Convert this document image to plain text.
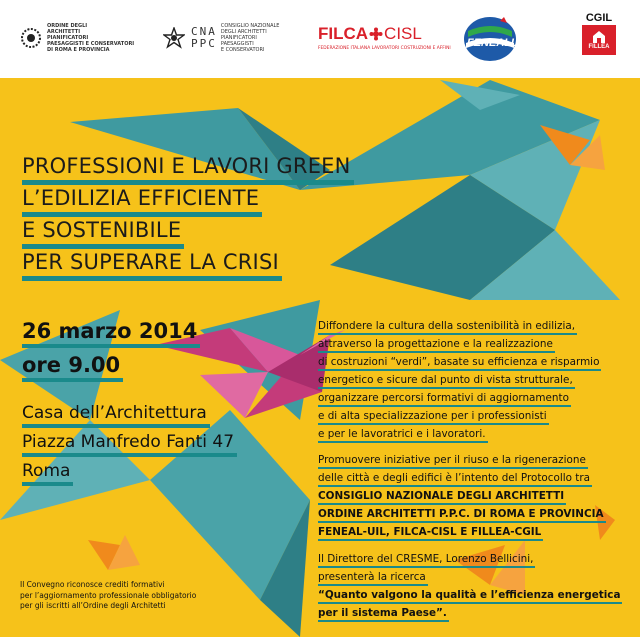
ORDINE DEGLI
ARCHITETTI
PIANIFICATORI
PAESAGGISTI E CONSERVATORI
DI ROMA E PROVINCIA
CNA
PPC
CONSIGLIO NAZIONALE
DEGLI ARCHITETTI
PIANIFICATORI
PAESAGGISTI
E CONSERVATORI
FILCA CISL
FEDERAZIONE ITALIANA LAVORATORI COSTRUZIONI E AFFINI FENEALUIL
CGIL
FILLEA
PROFESSIONI E LAVORI GREEN
L’EDILIZIA EFFICIENTE
E SOSTENIBILE
PER SUPERARE LA CRISI
26 marzo 2014
ore 9.00
Casa dell’Architettura
Piazza Manfredo Fanti 47
Roma
Diffondere la cultura della sostenibilità in edilizia,
attraverso la progettazione e la realizzazione
di costruzioni “verdi”, basate su efficienza e risparmio
energetico e sicure dal punto di vista strutturale,
organizzare percorsi formativi di aggiornamento
e di alta specializzazione per i professionisti
e per le lavoratrici e i lavoratori.
Promuovere iniziative per il riuso e la rigenerazione
delle città e degli edifici è l’intento del Protocollo tra
CONSIGLIO NAZIONALE DEGLI ARCHITETTI
ORDINE ARCHITETTI P.P.C. DI ROMA E PROVINCIA
FENEAL-UIL, FILCA-CISL E FILLEA-CGIL
Il Direttore del CRESME, Lorenzo Bellicini,
presenterà la ricerca
“Quanto valgono la qualità e l’efficienza energetica
per il sistema Paese”.
Il Convegno riconosce crediti formativi
per l’aggiornamento professionale obbligatorio
per gli iscritti all’Ordine degli Architetti
